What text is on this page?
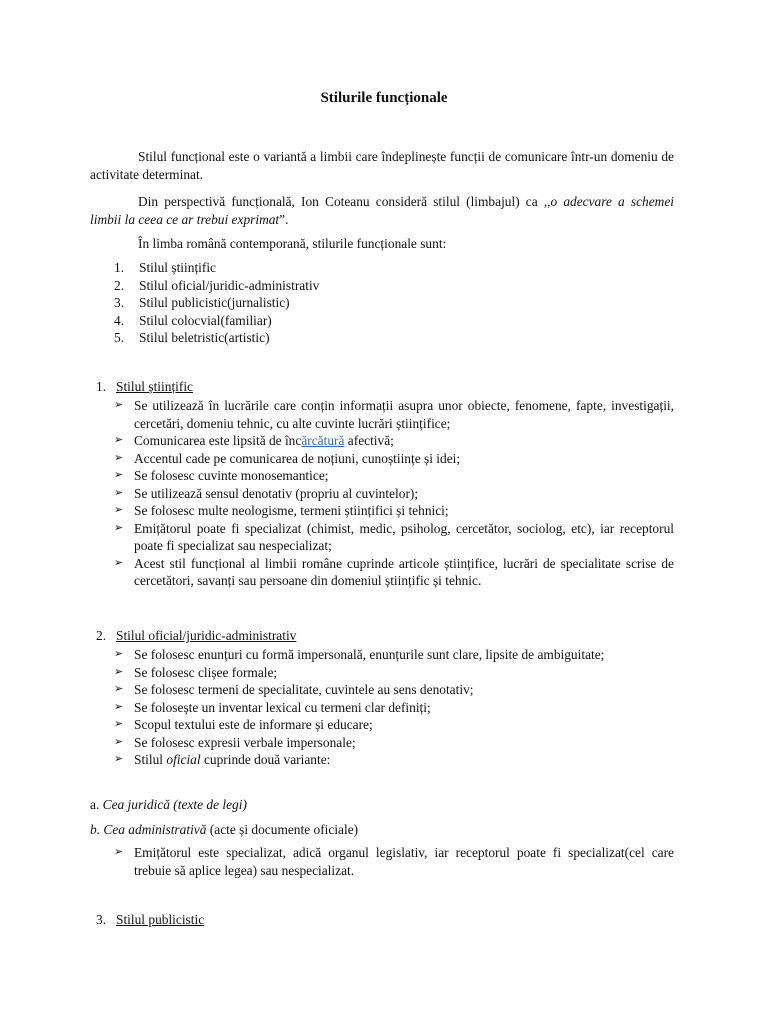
Stilurile funcționale
Stilul funcțional este o variantă a limbii care îndeplinește funcții de comunicare într-un domeniu de activitate determinat.
Din perspectivă funcțională, Ion Coteanu consideră stilul (limbajul) ca ,,o adecvare a schemei limbii la ceea ce ar trebui exprimat”.
În limba română contemporană, stilurile funcționale sunt:
1. Stilul științific
2. Stilul oficial/juridic-administrativ
3. Stilul publicistic(jurnalistic)
4. Stilul colocvial(familiar)
5. Stilul beletristic(artistic)
1. Stilul științific
➢ Se utilizează în lucrările care conțin informații asupra unor obiecte, fenomene, fapte, investigații, cercetări, domeniu tehnic, cu alte cuvinte lucrări științifice;
➢ Comunicarea este lipsită de încărcătură afectivă;
➢ Accentul cade pe comunicarea de noțiuni, cunoștiințe și idei;
➢ Se folosesc cuvinte monosemantice;
➢ Se utilizează sensul denotativ (propriu al cuvintelor);
➢ Se folosesc multe neologisme, termeni științifici și tehnici;
➢ Emițătorul poate fi specializat (chimist, medic, psiholog, cercetător, sociolog, etc), iar receptorul poate fi specializat sau nespecializat;
➢ Acest stil funcțional al limbii române cuprinde articole științifice, lucrări de specialitate scrise de cercetători, savanți sau persoane din domeniul științific și tehnic.
2. Stilul oficial/juridic-administrativ
➢ Se folosesc enunțuri cu formă impersonală, enunțurile sunt clare, lipsite de ambiguitate;
➢ Se folosesc clișee formale;
➢ Se folosesc termeni de specialitate, cuvintele au sens denotativ;
➢ Se folosește un inventar lexical cu termeni clar definiți;
➢ Scopul textului este de informare și educare;
➢ Se folosesc expresii verbale impersonale;
➢ Stilul oficial cuprinde două variante:
a. Cea juridică (texte de legi)
b. Cea administrativă (acte și documente oficiale)
➢ Emițătorul este specializat, adică organul legislativ, iar receptorul poate fi specializat(cel care trebuie să aplice legea) sau nespecializat.
3. Stilul publicistic
